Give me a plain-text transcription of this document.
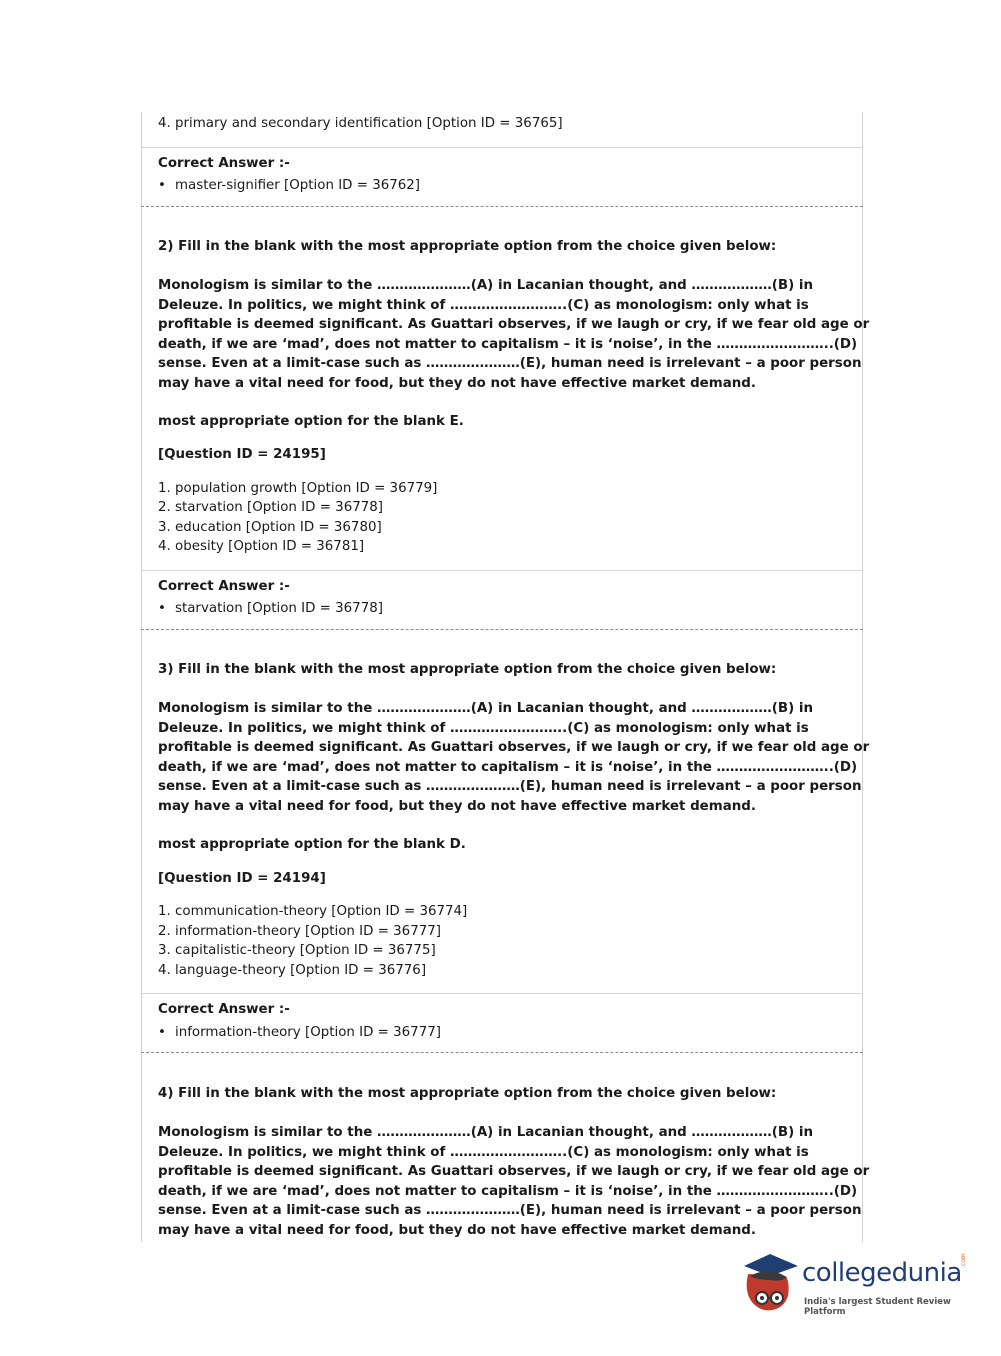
4. primary and secondary identification [Option ID = 36765]
Correct Answer :-
• master-signifier [Option ID = 36762]
2) Fill in the blank with the most appropriate option from the choice given below:
Monologism is similar to the …………………(A) in Lacanian thought, and ………………(B) in
Deleuze. In politics, we might think of ……………………..(C) as monologism: only what is
profitable is deemed significant. As Guattari observes, if we laugh or cry, if we fear old age or
death, if we are ‘mad’, does not matter to capitalism – it is ‘noise’, in the ……………………..(D)
sense. Even at a limit-case such as …………………(E), human need is irrelevant – a poor person
may have a vital need for food, but they do not have effective market demand.
most appropriate option for the blank E.
[Question ID = 24195]
1. population growth [Option ID = 36779]
2. starvation [Option ID = 36778]
3. education [Option ID = 36780]
4. obesity [Option ID = 36781]
Correct Answer :-
• starvation [Option ID = 36778]
3) Fill in the blank with the most appropriate option from the choice given below:
Monologism is similar to the …………………(A) in Lacanian thought, and ………………(B) in
Deleuze. In politics, we might think of ……………………..(C) as monologism: only what is
profitable is deemed significant. As Guattari observes, if we laugh or cry, if we fear old age or
death, if we are ‘mad’, does not matter to capitalism – it is ‘noise’, in the ……………………..(D)
sense. Even at a limit-case such as …………………(E), human need is irrelevant – a poor person
may have a vital need for food, but they do not have effective market demand.
most appropriate option for the blank D.
[Question ID = 24194]
1. communication-theory [Option ID = 36774]
2. information-theory [Option ID = 36777]
3. capitalistic-theory [Option ID = 36775]
4. language-theory [Option ID = 36776]
Correct Answer :-
• information-theory [Option ID = 36777]
4) Fill in the blank with the most appropriate option from the choice given below:
Monologism is similar to the …………………(A) in Lacanian thought, and ………………(B) in
Deleuze. In politics, we might think of ……………………..(C) as monologism: only what is
profitable is deemed significant. As Guattari observes, if we laugh or cry, if we fear old age or
death, if we are ‘mad’, does not matter to capitalism – it is ‘noise’, in the ……………………..(D)
sense. Even at a limit-case such as …………………(E), human need is irrelevant – a poor person
may have a vital need for food, but they do not have effective market demand.
collegedunia
.com
India's largest Student Review Platform
